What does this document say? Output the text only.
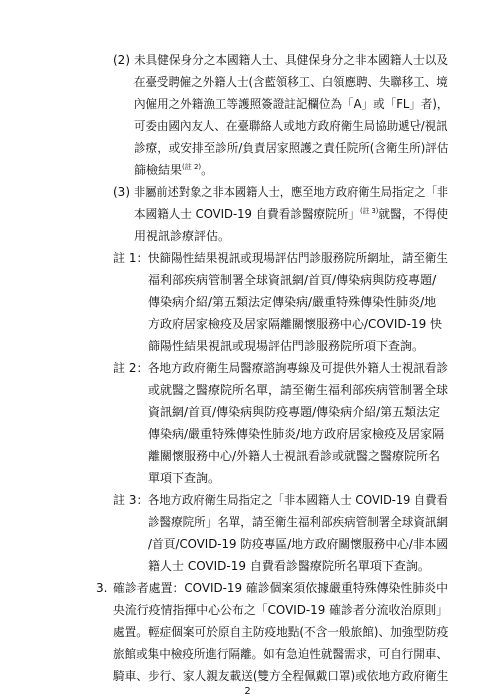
(2) 未具健保身分之本國籍人士、具健保身分之非本國籍人士以及
在臺受聘僱之外籍人士(含藍領移工、白領應聘、失聯移工、境
內僱用之外籍漁工等護照簽證註記欄位為「A」或「FL」者)，
可委由國內友人、在臺聯絡人或地方政府衛生局協助遞단/視訊
診療，或安排至診所/負責居家照護之責任院所(含衛生所)評估
篩檢結果$^{(註 2)}$。
(3) 非屬前述對象之非本國籍人士，應至地方政府衛生局指定之「非
本國籍人士 COVID-19 自費看診醫療院所」$^{(註 3)}$就醫，不得使
用視訊診療評估。
註 1： 快篩陽性結果視訊或現場評估門診服務院所網址，請至衛生
福利部疾病管制署全球資訊網/首頁/傳染病與防疫專題/
傳染病介紹/第五類法定傳染病/嚴重特殊傳染性肺炎/地
方政府居家檢疫及居家隔離關懷服務中心/COVID-19 快
篩陽性結果視訊或現場評估門診服務院所項下查詢。
註 2： 各地方政府衛生局醫療諮詢專線及可提供外籍人士視訊看診
或就醫之醫療院所名單，請至衛生福利部疾病管制署全球
資訊網/首頁/傳染病與防疫專題/傳染病介紹/第五類法定
傳染病/嚴重特殊傳染性肺炎/地方政府居家檢疫及居家隔
離關懷服務中心/外籍人士視訊看診或就醫之醫療院所名
單項下查詢。
註 3： 各地方政府衛生局指定之「非本國籍人士 COVID-19 自費看
診醫療院所」名單，請至衛生福利部疾病管制署全球資訊網
/首頁/COVID-19 防疫專區/地方政府關懷服務中心/非本國
籍人士 COVID-19 自費看診醫療院所名單項下查詢。
3. 確診者處置：COVID-19 確診個案須依據嚴重特殊傳染性肺炎中
央流行疫情指揮中心公布之「COVID-19 確診者分流收治原則」
處置。輕症個案可於原自主防疫地點(不含一般旅館)、加強型防疫
旅館或集中檢疫所進行隔離。如有急迫性就醫需求，可自行開車、
騎車、步行、家人親友載送(雙方全程佩戴口罩)或依地方政府衛生
2
